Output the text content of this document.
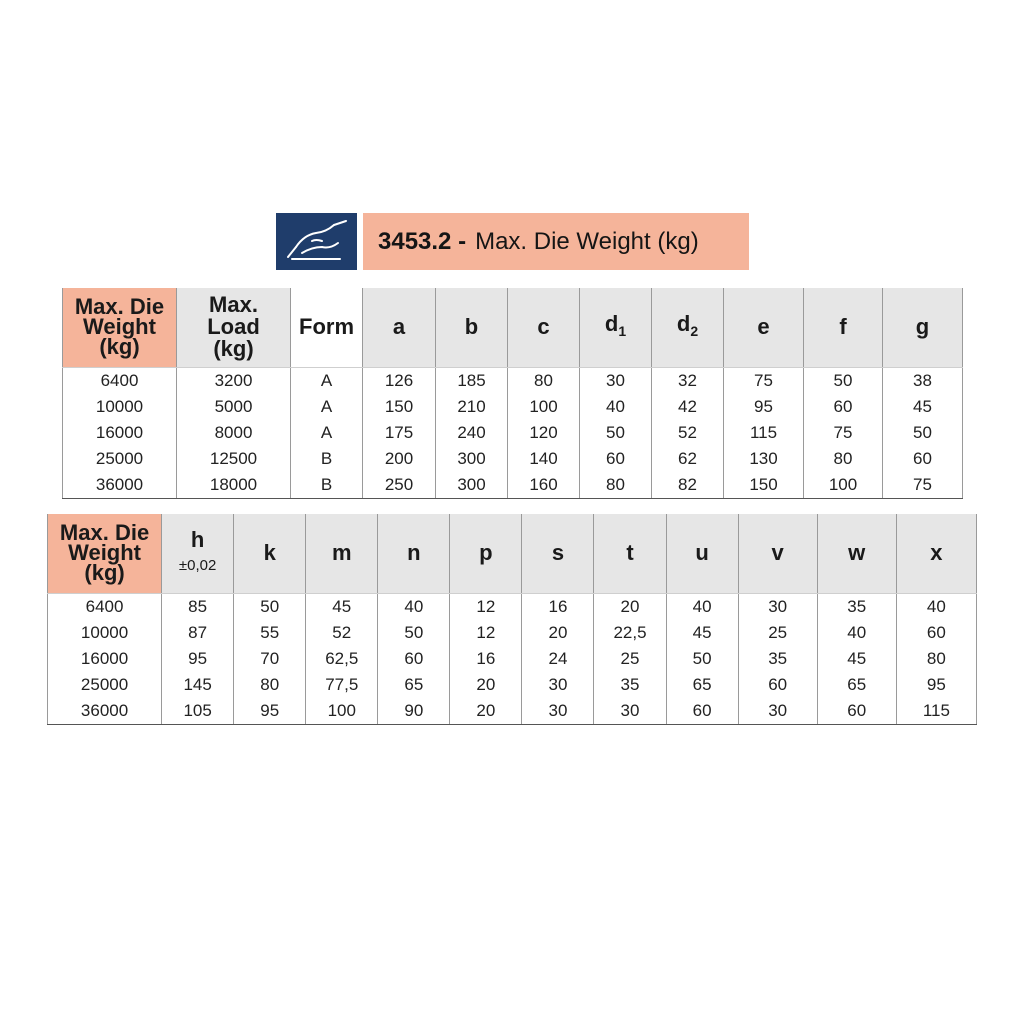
3453.2 - Max. Die Weight (kg)
Max. Die
Weight
(kg)	Max.
Load
(kg)	Form	a	b	c	$d_1$	$d_2$	e	f	g
6400	3200	A	126	185	80	30	32	75	50	38
10000	5000	A	150	210	100	40	42	95	60	45
16000	8000	A	175	240	120	50	52	115	75	50
25000	12500	B	200	300	140	60	62	130	80	60
36000	18000	B	250	300	160	80	82	150	100	75
Max. Die
Weight
(kg)	h
±0,02	k	m	n	p	s	t	u	v	w	x
6400	85	50	45	40	12	16	20	40	30	35	40
10000	87	55	52	50	12	20	22,5	45	25	40	60
16000	95	70	62,5	60	16	24	25	50	35	45	80
25000	145	80	77,5	65	20	30	35	65	60	65	95
36000	105	95	100	90	20	30	30	60	30	60	115
